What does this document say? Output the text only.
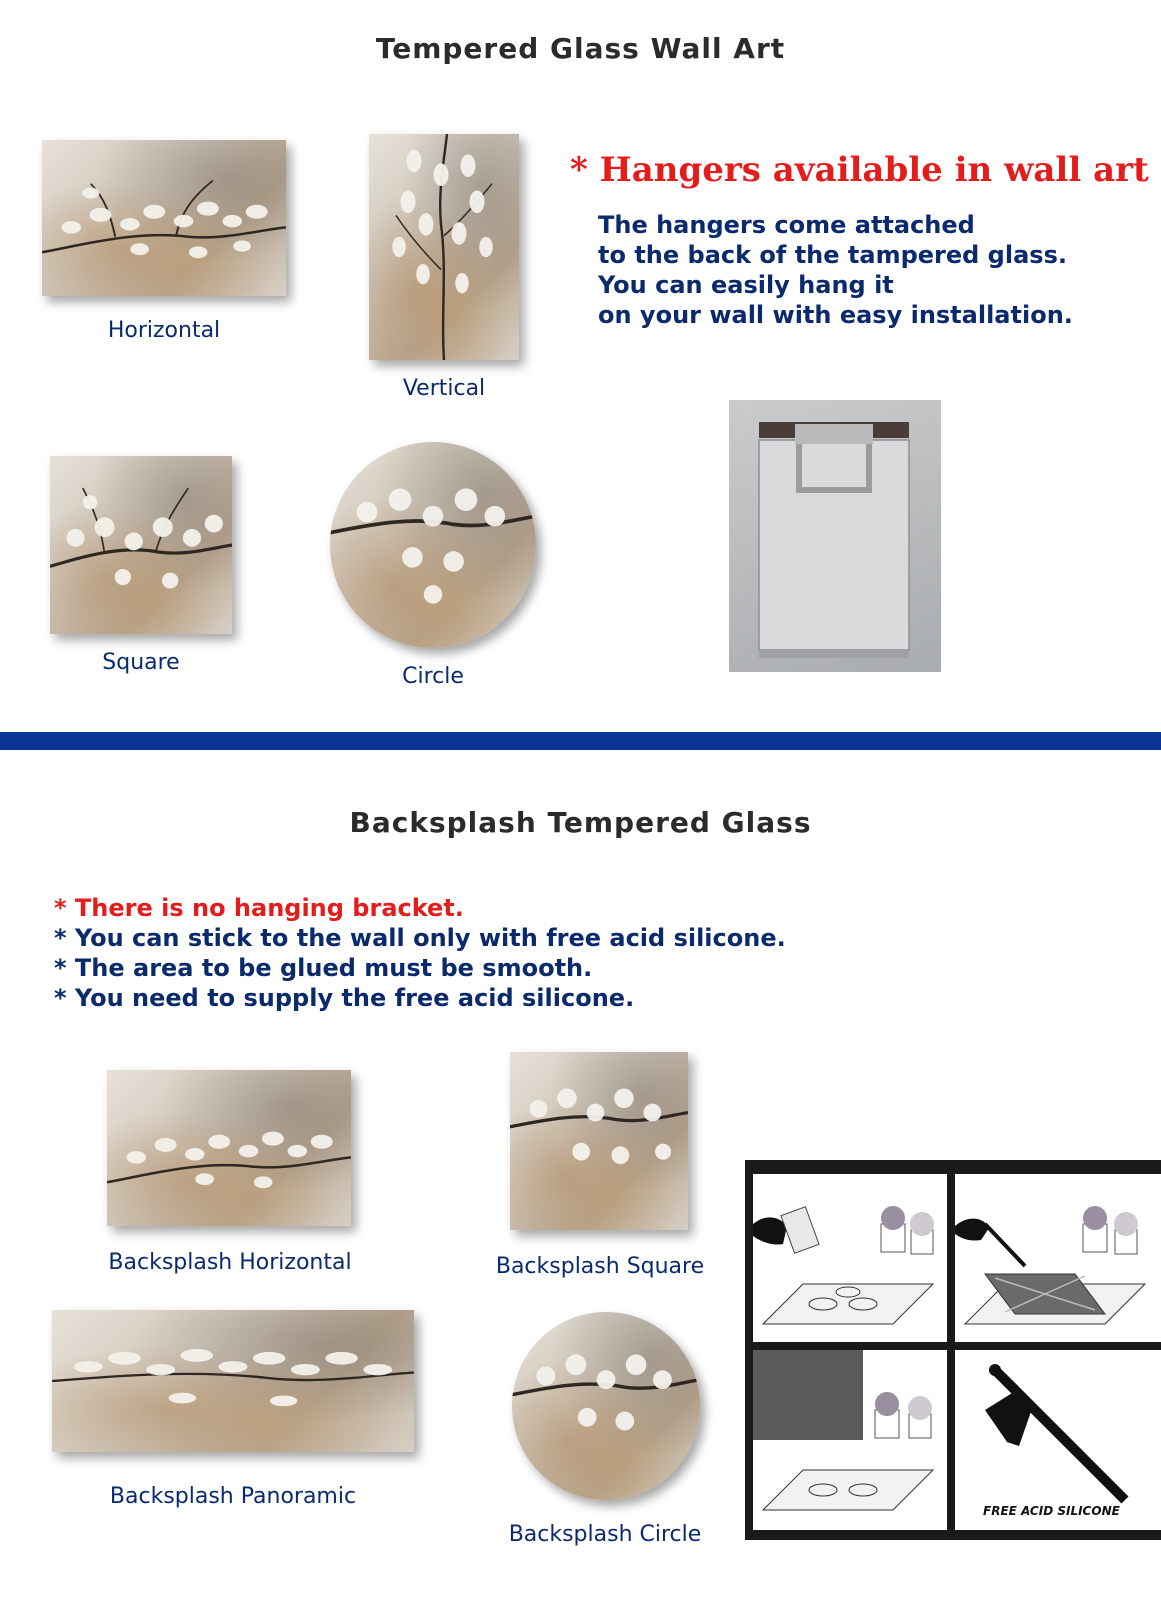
Tempered Glass Wall Art
Horizontal
Vertical
Square
Circle
* Hangers available in wall art
The hangers come attached
to the back of the tampered glass.
You can easily hang it
on your wall with easy installation.
Backsplash Tempered Glass
* There is no hanging bracket.
* You can stick to the wall only with free acid silicone.
* The area to be glued must be smooth.
* You need to supply the free acid silicone.
Backsplash Horizontal	Backsplash Square
Backsplash Panoramic
Backsplash Circle
FREE ACID SILICONE
